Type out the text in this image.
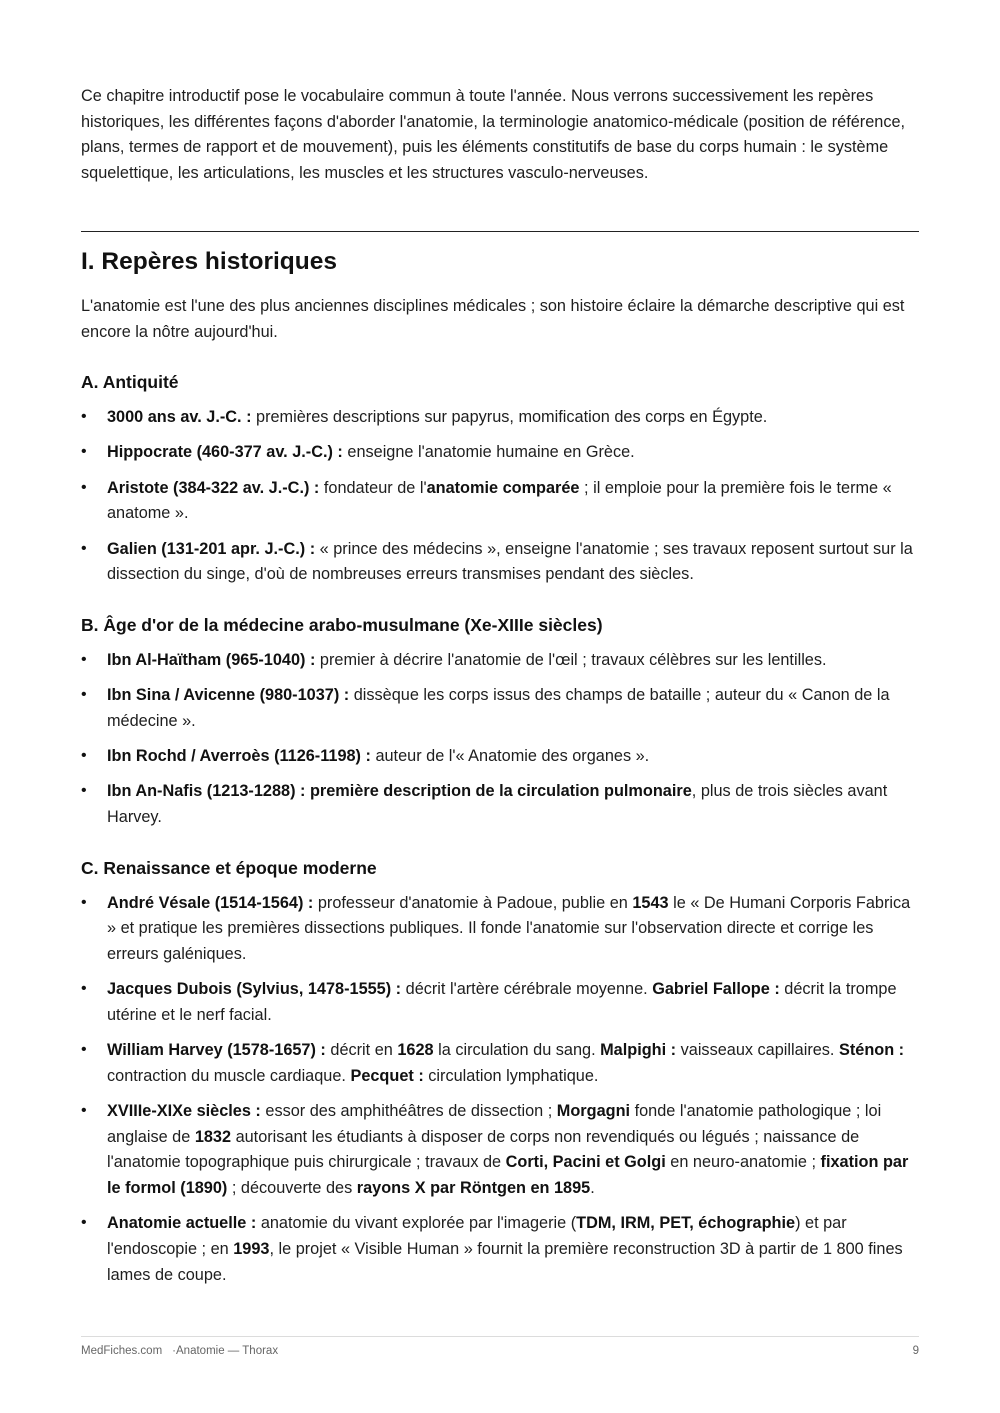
Ce chapitre introductif pose le vocabulaire commun à toute l'année. Nous verrons successivement les repères historiques, les différentes façons d'aborder l'anatomie, la terminologie anatomico-médicale (position de référence, plans, termes de rapport et de mouvement), puis les éléments constitutifs de base du corps humain : le système squelettique, les articulations, les muscles et les structures vasculo-nerveuses.

I. Repères historiques

L'anatomie est l'une des plus anciennes disciplines médicales ; son histoire éclaire la démarche descriptive qui est encore la nôtre aujourd'hui.

A. Antiquité
• 3000 ans av. J.-C. : premières descriptions sur papyrus, momification des corps en Égypte.
• Hippocrate (460-377 av. J.-C.) : enseigne l'anatomie humaine en Grèce.
• Aristote (384-322 av. J.-C.) : fondateur de l'anatomie comparée ; il emploie pour la première fois le terme « anatome ».
• Galien (131-201 apr. J.-C.) : « prince des médecins », enseigne l'anatomie ; ses travaux reposent surtout sur la dissection du singe, d'où de nombreuses erreurs transmises pendant des siècles.
B. Âge d'or de la médecine arabo-musulmane (Xe-XIIIe siècles)
• Ibn Al-Haïtham (965-1040) : premier à décrire l'anatomie de l'œil ; travaux célèbres sur les lentilles.
• Ibn Sina / Avicenne (980-1037) : dissèque les corps issus des champs de bataille ; auteur du « Canon de la médecine ».
• Ibn Rochd / Averroès (1126-1198) : auteur de l'« Anatomie des organes ».
• Ibn An-Nafis (1213-1288) : première description de la circulation pulmonaire, plus de trois siècles avant Harvey.
C. Renaissance et époque moderne
• André Vésale (1514-1564) : professeur d'anatomie à Padoue, publie en 1543 le « De Humani Corporis Fabrica » et pratique les premières dissections publiques. Il fonde l'anatomie sur l'observation directe et corrige les erreurs galéniques.
• Jacques Dubois (Sylvius, 1478-1555) : décrit l'artère cérébrale moyenne. Gabriel Fallope : décrit la trompe utérine et le nerf facial.
• William Harvey (1578-1657) : décrit en 1628 la circulation du sang. Malpighi : vaisseaux capillaires. Sténon : contraction du muscle cardiaque. Pecquet : circulation lymphatique.
• XVIIIe-XIXe siècles : essor des amphithéâtres de dissection ; Morgagni fonde l'anatomie pathologique ; loi anglaise de 1832 autorisant les étudiants à disposer de corps non revendiqués ou légués ; naissance de l'anatomie topographique puis chirurgicale ; travaux de Corti, Pacini et Golgi en neuro-anatomie ; fixation par le formol (1890) ; découverte des rayons X par Röntgen en 1895.
• Anatomie actuelle : anatomie du vivant explorée par l'imagerie (TDM, IRM, PET, échographie) et par l'endoscopie ; en 1993, le projet « Visible Human » fournit la première reconstruction 3D à partir de 1 800 fines lames de coupe.
MedFiches.com ·Anatomie — Thorax	9
